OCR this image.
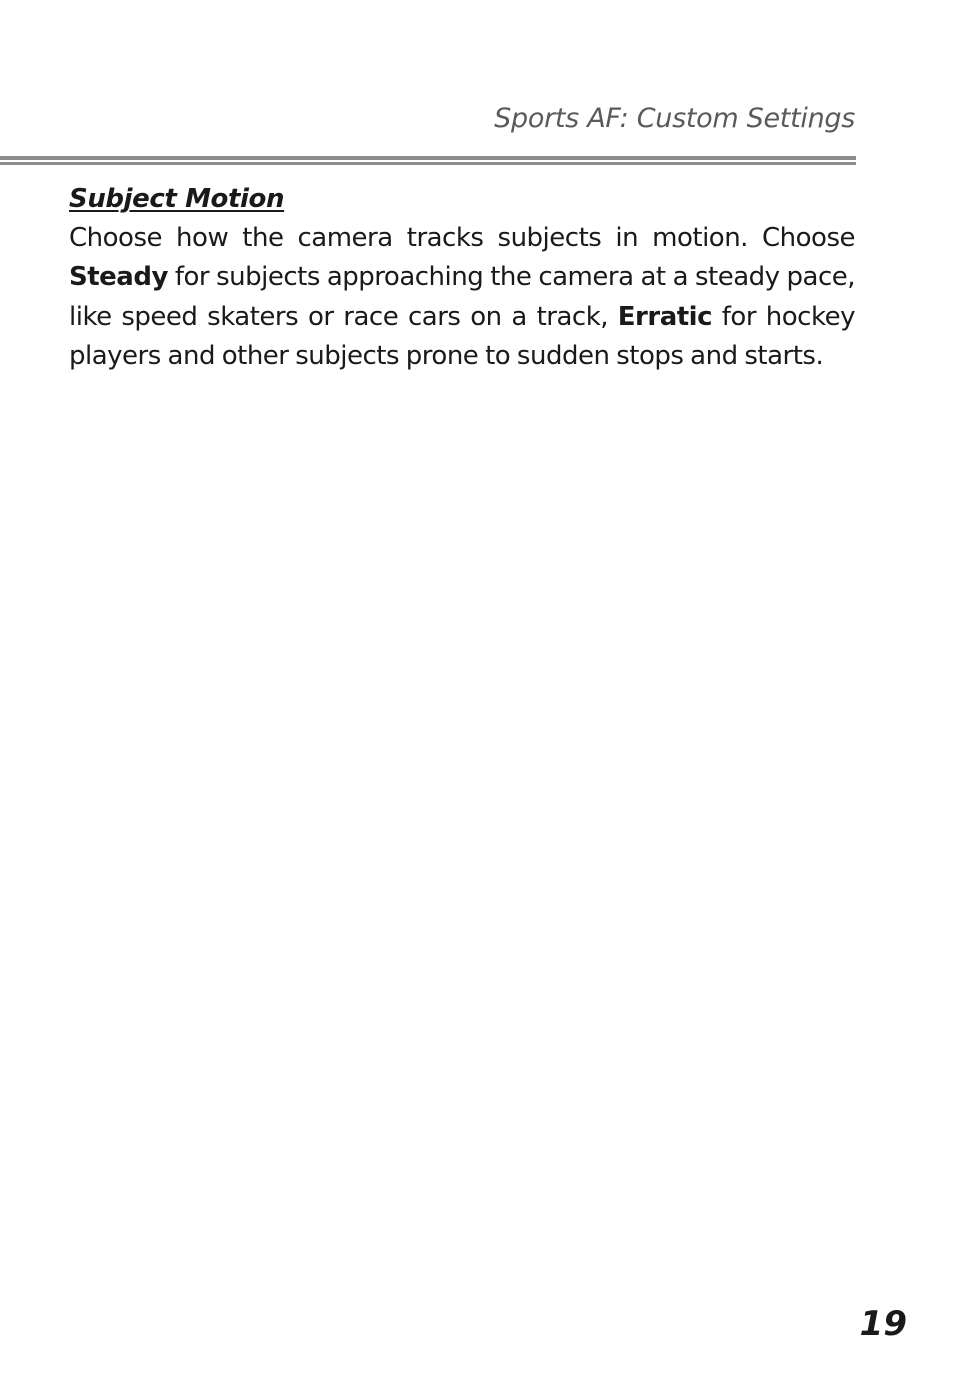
Sports AF: Custom Settings
Subject Motion

Choose how the camera tracks subjects in motion. Choose Steady for subjects approaching the camera at a steady pace, like speed skaters or race cars on a track, Erratic for hockey players and other subjects prone to sudden stops and starts.

19
